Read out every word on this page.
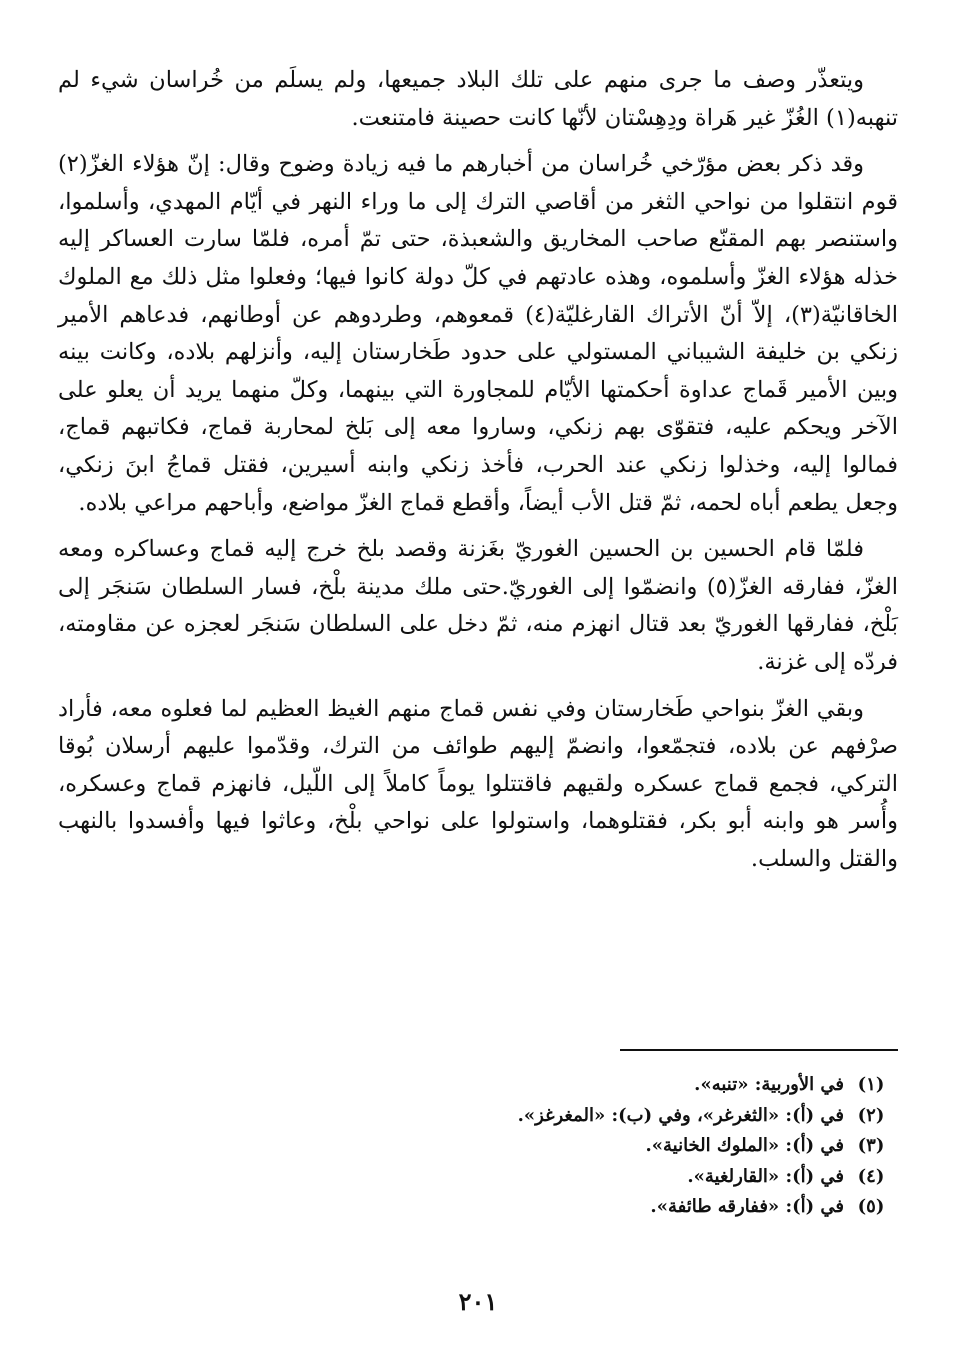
ويتعذّر وصف ما جرى منهم على تلك البلاد جميعها، ولم يسلَم من خُراسان شيء لم تنهبه(١) الغُزّ غير هَراة ودِهِسْتان لأنّها كانت حصينة فامتنعت.

وقد ذكر بعض مؤرّخي خُراسان من أخبارهم ما فيه زيادة وضوح وقال: إنّ هؤلاء الغزّ(٢) قوم انتقلوا من نواحي الثغر من أقاصي الترك إلى ما وراء النهر في أيّام المهدي، وأسلموا، واستنصر بهم المقنّع صاحب المخاريق والشعبذة، حتى تمّ أمره، فلمّا سارت العساكر إليه خذله هؤلاء الغزّ وأسلموه، وهذه عادتهم في كلّ دولة كانوا فيها؛ وفعلوا مثل ذلك مع الملوك الخاقانيّة(٣)، إلاّ أنّ الأتراك القارغليّة(٤) قمعوهم، وطردوهم عن أوطانهم، فدعاهم الأمير زنكي بن خليفة الشيباني المستولي على حدود طَخارستان إليه، وأنزلهم بلاده، وكانت بينه وبين الأمير قَماج عداوة أحكمتها الأيّام للمجاورة التي بينهما، وكلّ منهما يريد أن يعلو على الآخر ويحكم عليه، فتقوّى بهم زنكي، وساروا معه إلى بَلخ لمحاربة قماج، فكاتبهم قماج، فمالوا إليه، وخذلوا زنكي عند الحرب، فأخذ زنكي وابنه أسيرين، فقتل قماجُ ابنَ زنكي، وجعل يطعم أباه لحمه، ثمّ قتل الأب أيضاً، وأقطع قماج الغزّ مواضع، وأباحهم مراعي بلاده.

فلمّا قام الحسين بن الحسين الغوريّ بغَزنة وقصد بلخ خرج إليه قماج وعساكره ومعه الغزّ، ففارقه الغزّ(٥) وانضمّوا إلى الغوريّ.حتى ملك مدينة بلْخ، فسار السلطان سَنجَر إلى بَلْخ، ففارقها الغوريّ بعد قتال انهزم منه، ثمّ دخل على السلطان سَنجَر لعجزه عن مقاومته، فردّه إلى غزنة.

وبقي الغزّ بنواحي طَخارستان وفي نفس قماج منهم الغيظ العظيم لما فعلوه معه، فأراد صرْفهم عن بلاده، فتجمّعوا، وانضمّ إليهم طوائف من الترك، وقدّموا عليهم أرسلان بُوقا التركي، فجمع قماج عسكره ولقيهم فاقتتلوا يوماً كاملاً إلى اللّيل، فانهزم قماج وعسكره، وأُسر هو وابنه أبو بكر، فقتلوهما، واستولوا على نواحي بلْخ، وعاثوا فيها وأفسدوا بالنهب والقتل والسلب.

(١)
في الأوربية: «تنبه».
(٢)
في (أ): «الثغرغر»، وفي (ب): «المغرغز».
(٣)
في (أ): «الملوك الخانية».
(٤)
في (أ): «القارلغية».
(٥)
في (أ): «ففارقه طائفة».
٢٠١
